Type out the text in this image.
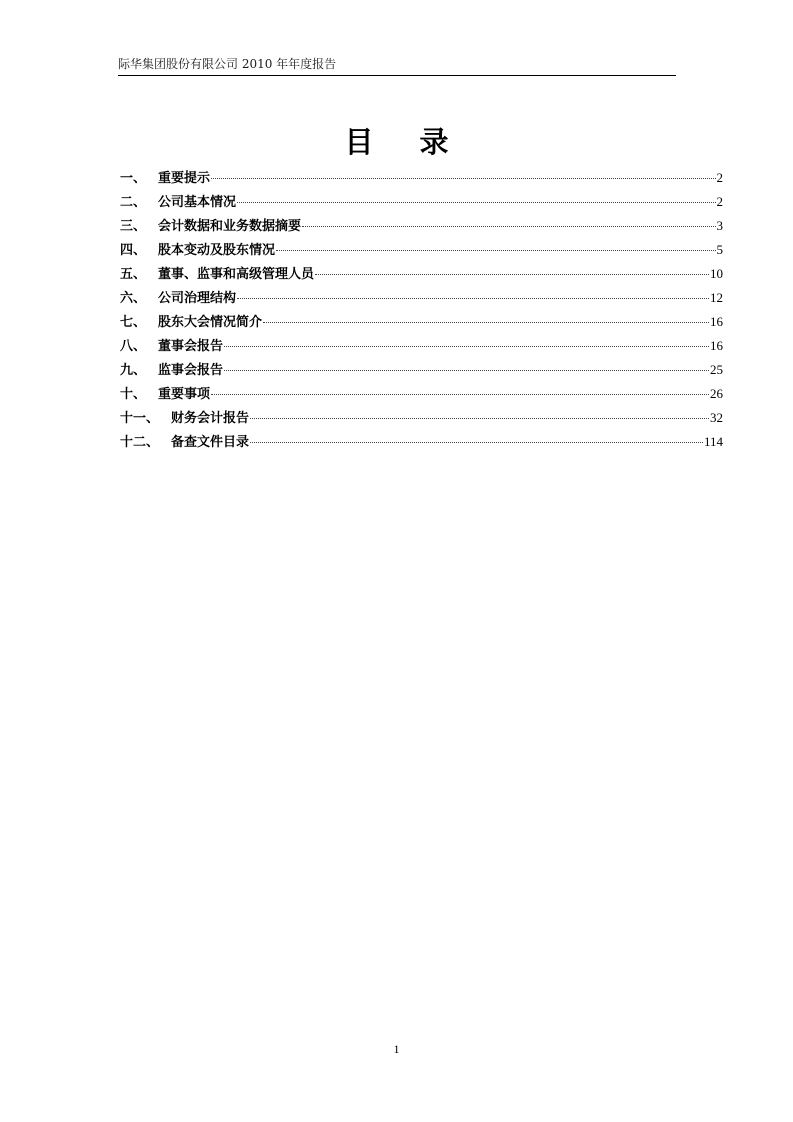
际华集团股份有限公司 2010 年年度报告
目 录
一、 重要提示	2
二、 公司基本情况	2
三、 会计数据和业务数据摘要	3
四、 股本变动及股东情况	5
五、 董事、监事和高级管理人员	10
六、 公司治理结构	12
七、 股东大会情况简介	16
八、 董事会报告	16
九、 监事会报告	25
十、 重要事项	26
十一、 财务会计报告	32
十二、 备查文件目录	114
1
